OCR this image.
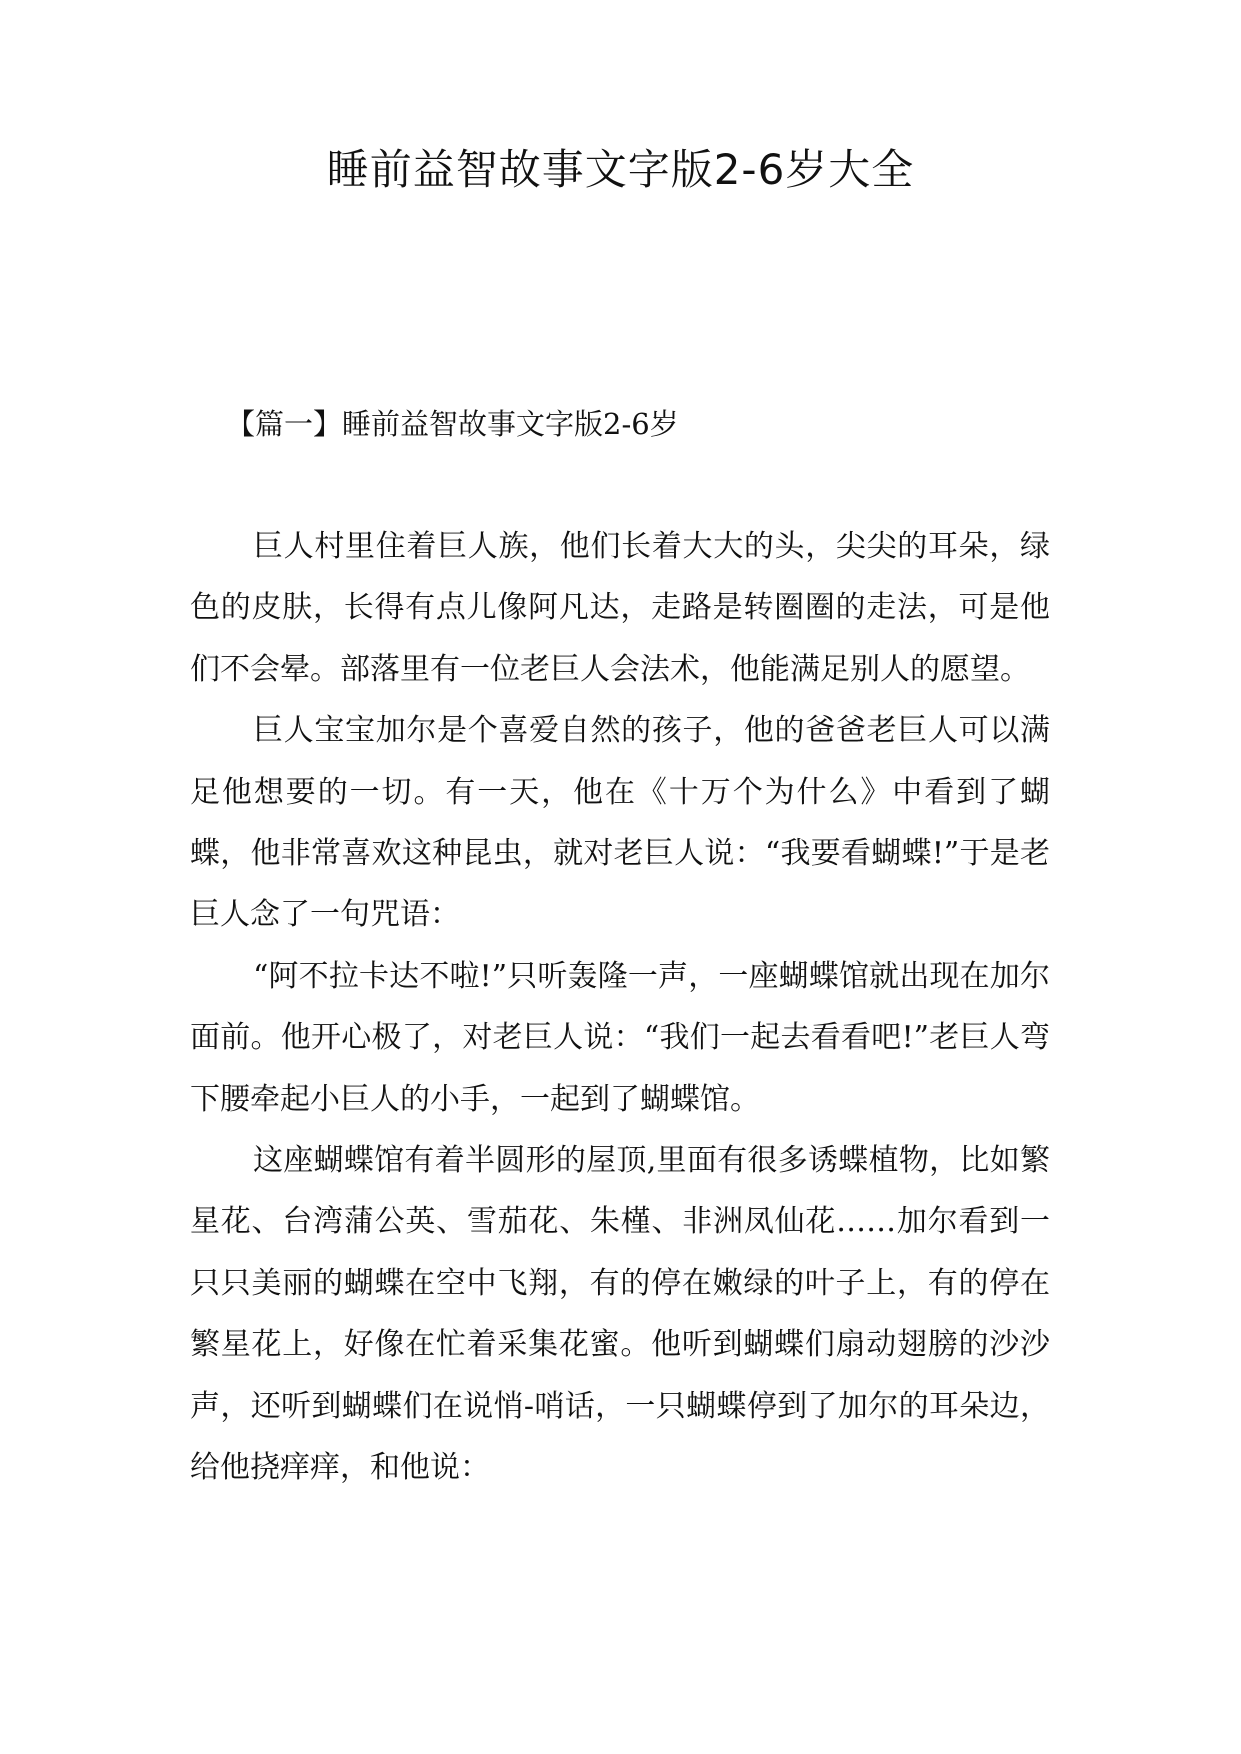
睡前益智故事文字版2-6岁大全
【篇一】睡前益智故事文字版2-6岁

巨人村里住着巨人族，他们长着大大的头，尖尖的耳朵，绿色的皮肤，长得有点儿像阿凡达，走路是转圈圈的走法，可是他们不会晕。部落里有一位老巨人会法术，他能满足别人的愿望。

巨人宝宝加尔是个喜爱自然的孩子，他的爸爸老巨人可以满足他想要的一切。有一天，他在《十万个为什么》中看到了蝴蝶，他非常喜欢这种昆虫，就对老巨人说：“我要看蝴蝶!”于是老巨人念了一句咒语：

“阿不拉卡达不啦!”只听轰隆一声，一座蝴蝶馆就出现在加尔面前。他开心极了，对老巨人说：“我们一起去看看吧!”老巨人弯下腰牵起小巨人的小手，一起到了蝴蝶馆。

这座蝴蝶馆有着半圆形的屋顶,里面有很多诱蝶植物，比如繁星花、台湾蒲公英、雪茄花、朱槿、非洲凤仙花……加尔看到一只只美丽的蝴蝶在空中飞翔，有的停在嫩绿的叶子上，有的停在繁星花上，好像在忙着采集花蜜。他听到蝴蝶们扇动翅膀的沙沙声，还听到蝴蝶们在说悄-哨话，一只蝴蝶停到了加尔的耳朵边，给他挠痒痒，和他说：
